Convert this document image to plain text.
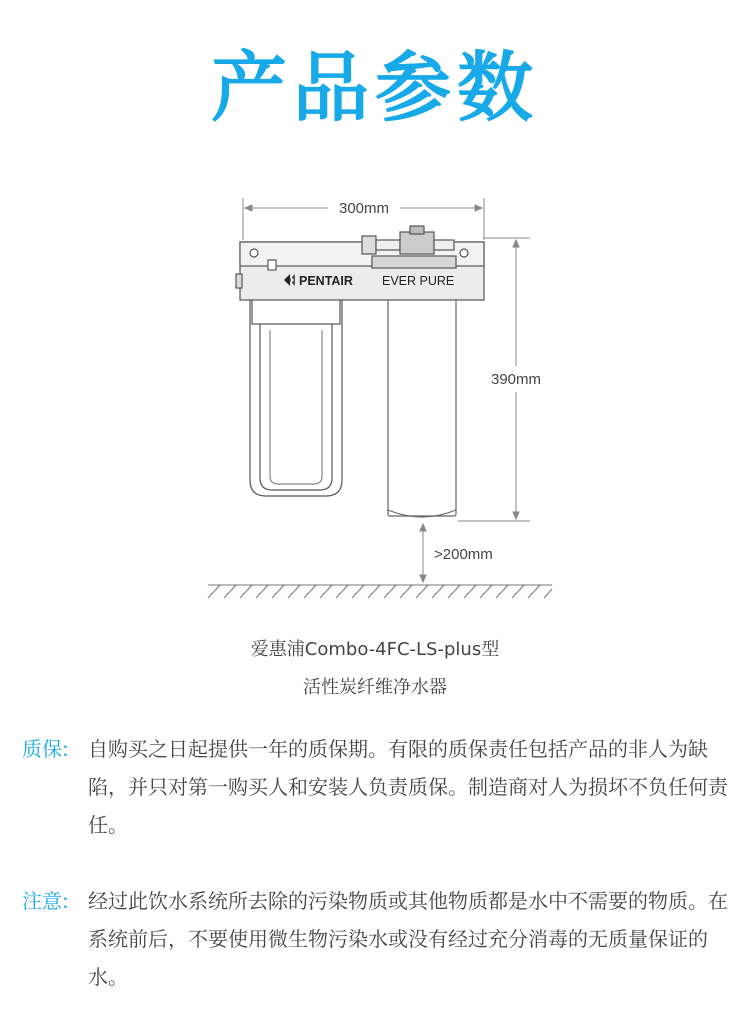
产品参数
PENTAIR EVER PURE
300mm
390mm
>200mm
爱惠浦Combo-4FC-LS-plus型
活性炭纤维净水器
质保: 自购买之日起提供一年的质保期。有限的质保责任包括产品的非人为缺陷，并只对第一购买人和安装人负责质保。制造商对人为损坏不负任何责任。
注意: 经过此饮水系统所去除的污染物质或其他物质都是水中不需要的物质。在系统前后，不要使用微生物污染水或没有经过充分消毒的无质量保证的水。
